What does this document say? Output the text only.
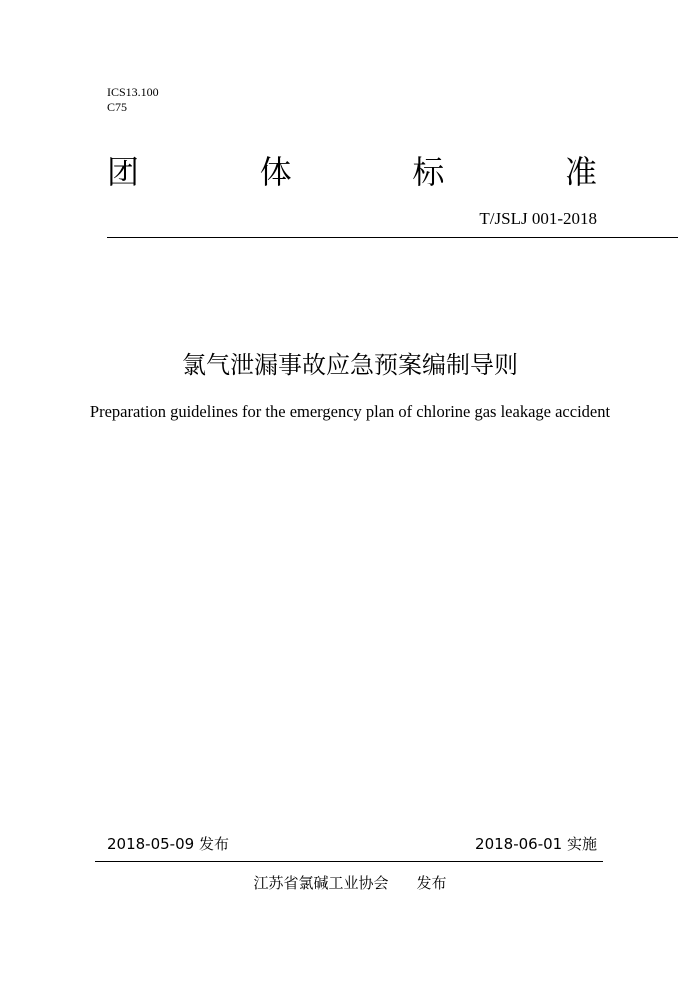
ICS13.100
C75
团	体	标	准
T/JSLJ 001-2018
氯气泄漏事故应急预案编制导则
Preparation guidelines for the emergency plan of chlorine gas leakage accident
2018-05-09 发布	2018-06-01 实施
江苏省氯碱工业协会 发布
